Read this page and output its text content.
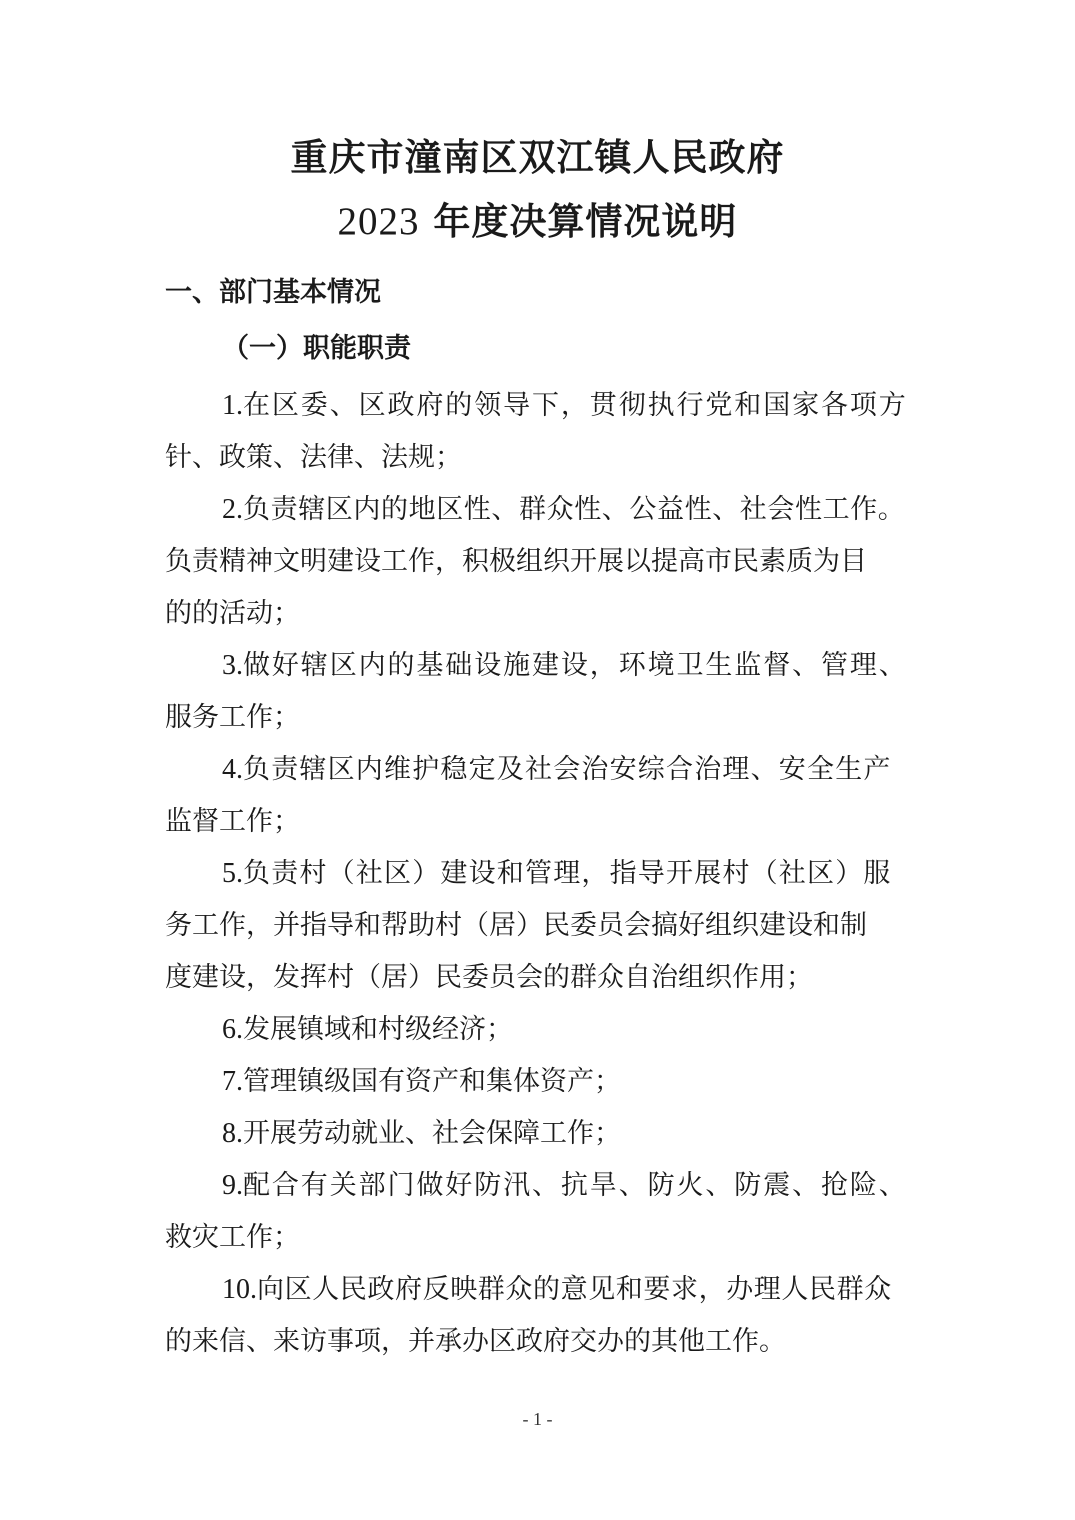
重庆市潼南区双江镇人民政府
2023 年度决算情况说明
一、部门基本情况
（一）职能职责
1.在区委、区政府的领导下，贯彻执行党和国家各项方
针、政策、法律、法规；
2.负责辖区内的地区性、群众性、公益性、社会性工作。
负责精神文明建设工作，积极组织开展以提高市民素质为目
的的活动；
3.做好辖区内的基础设施建设，环境卫生监督、管理、
服务工作；
4.负责辖区内维护稳定及社会治安综合治理、安全生产
监督工作；
5.负责村（社区）建设和管理，指导开展村（社区）服
务工作，并指导和帮助村（居）民委员会搞好组织建设和制
度建设，发挥村（居）民委员会的群众自治组织作用；
6.发展镇域和村级经济；
7.管理镇级国有资产和集体资产；
8.开展劳动就业、社会保障工作；
9.配合有关部门做好防汛、抗旱、防火、防震、抢险、
救灾工作；
10.向区人民政府反映群众的意见和要求，办理人民群众
的来信、来访事项，并承办区政府交办的其他工作。
- 1 -
